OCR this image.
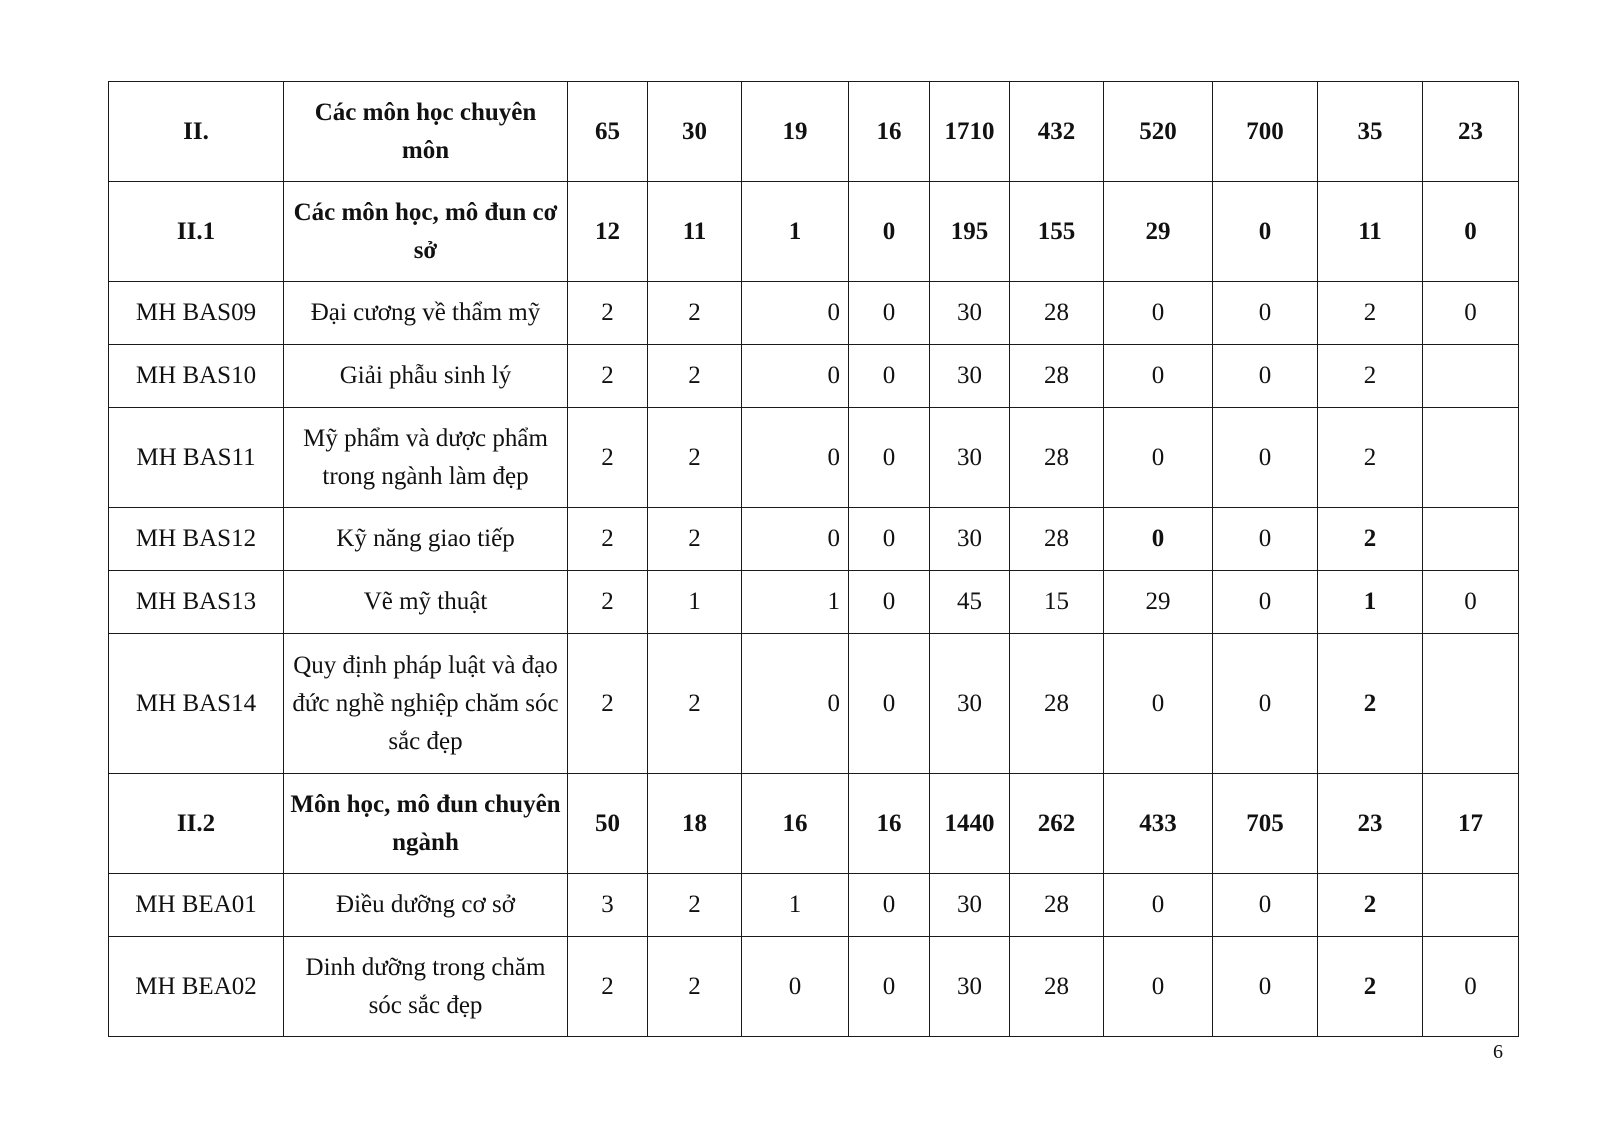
II.	Các môn học chuyên môn	65	30	19	16	1710	432	520	700	35	23
II.1	Các môn học, mô đun cơ sở	12	11	1	0	195	155	29	0	11	0
MH BAS09	Đại cương về thẩm mỹ	2	2	0	0	30	28	0	0	2	0
MH BAS10	Giải phẫu sinh lý	2	2	0	0	30	28	0	0	2	
MH BAS11	Mỹ phẩm và dược phẩm trong ngành làm đẹp	2	2	0	0	30	28	0	0	2	
MH BAS12	Kỹ năng giao tiếp	2	2	0	0	30	28	0	0	2	
MH BAS13	Vẽ mỹ thuật	2	1	1	0	45	15	29	0	1	0
MH BAS14	Quy định pháp luật và đạo đức nghề nghiệp chăm sóc sắc đẹp	2	2	0	0	30	28	0	0	2	
II.2	Môn học, mô đun chuyên ngành	50	18	16	16	1440	262	433	705	23	17
MH BEA01	Điều dưỡng cơ sở	3	2	1	0	30	28	0	0	2	
MH BEA02	Dinh dưỡng trong chăm sóc sắc đẹp	2	2	0	0	30	28	0	0	2	0
6
